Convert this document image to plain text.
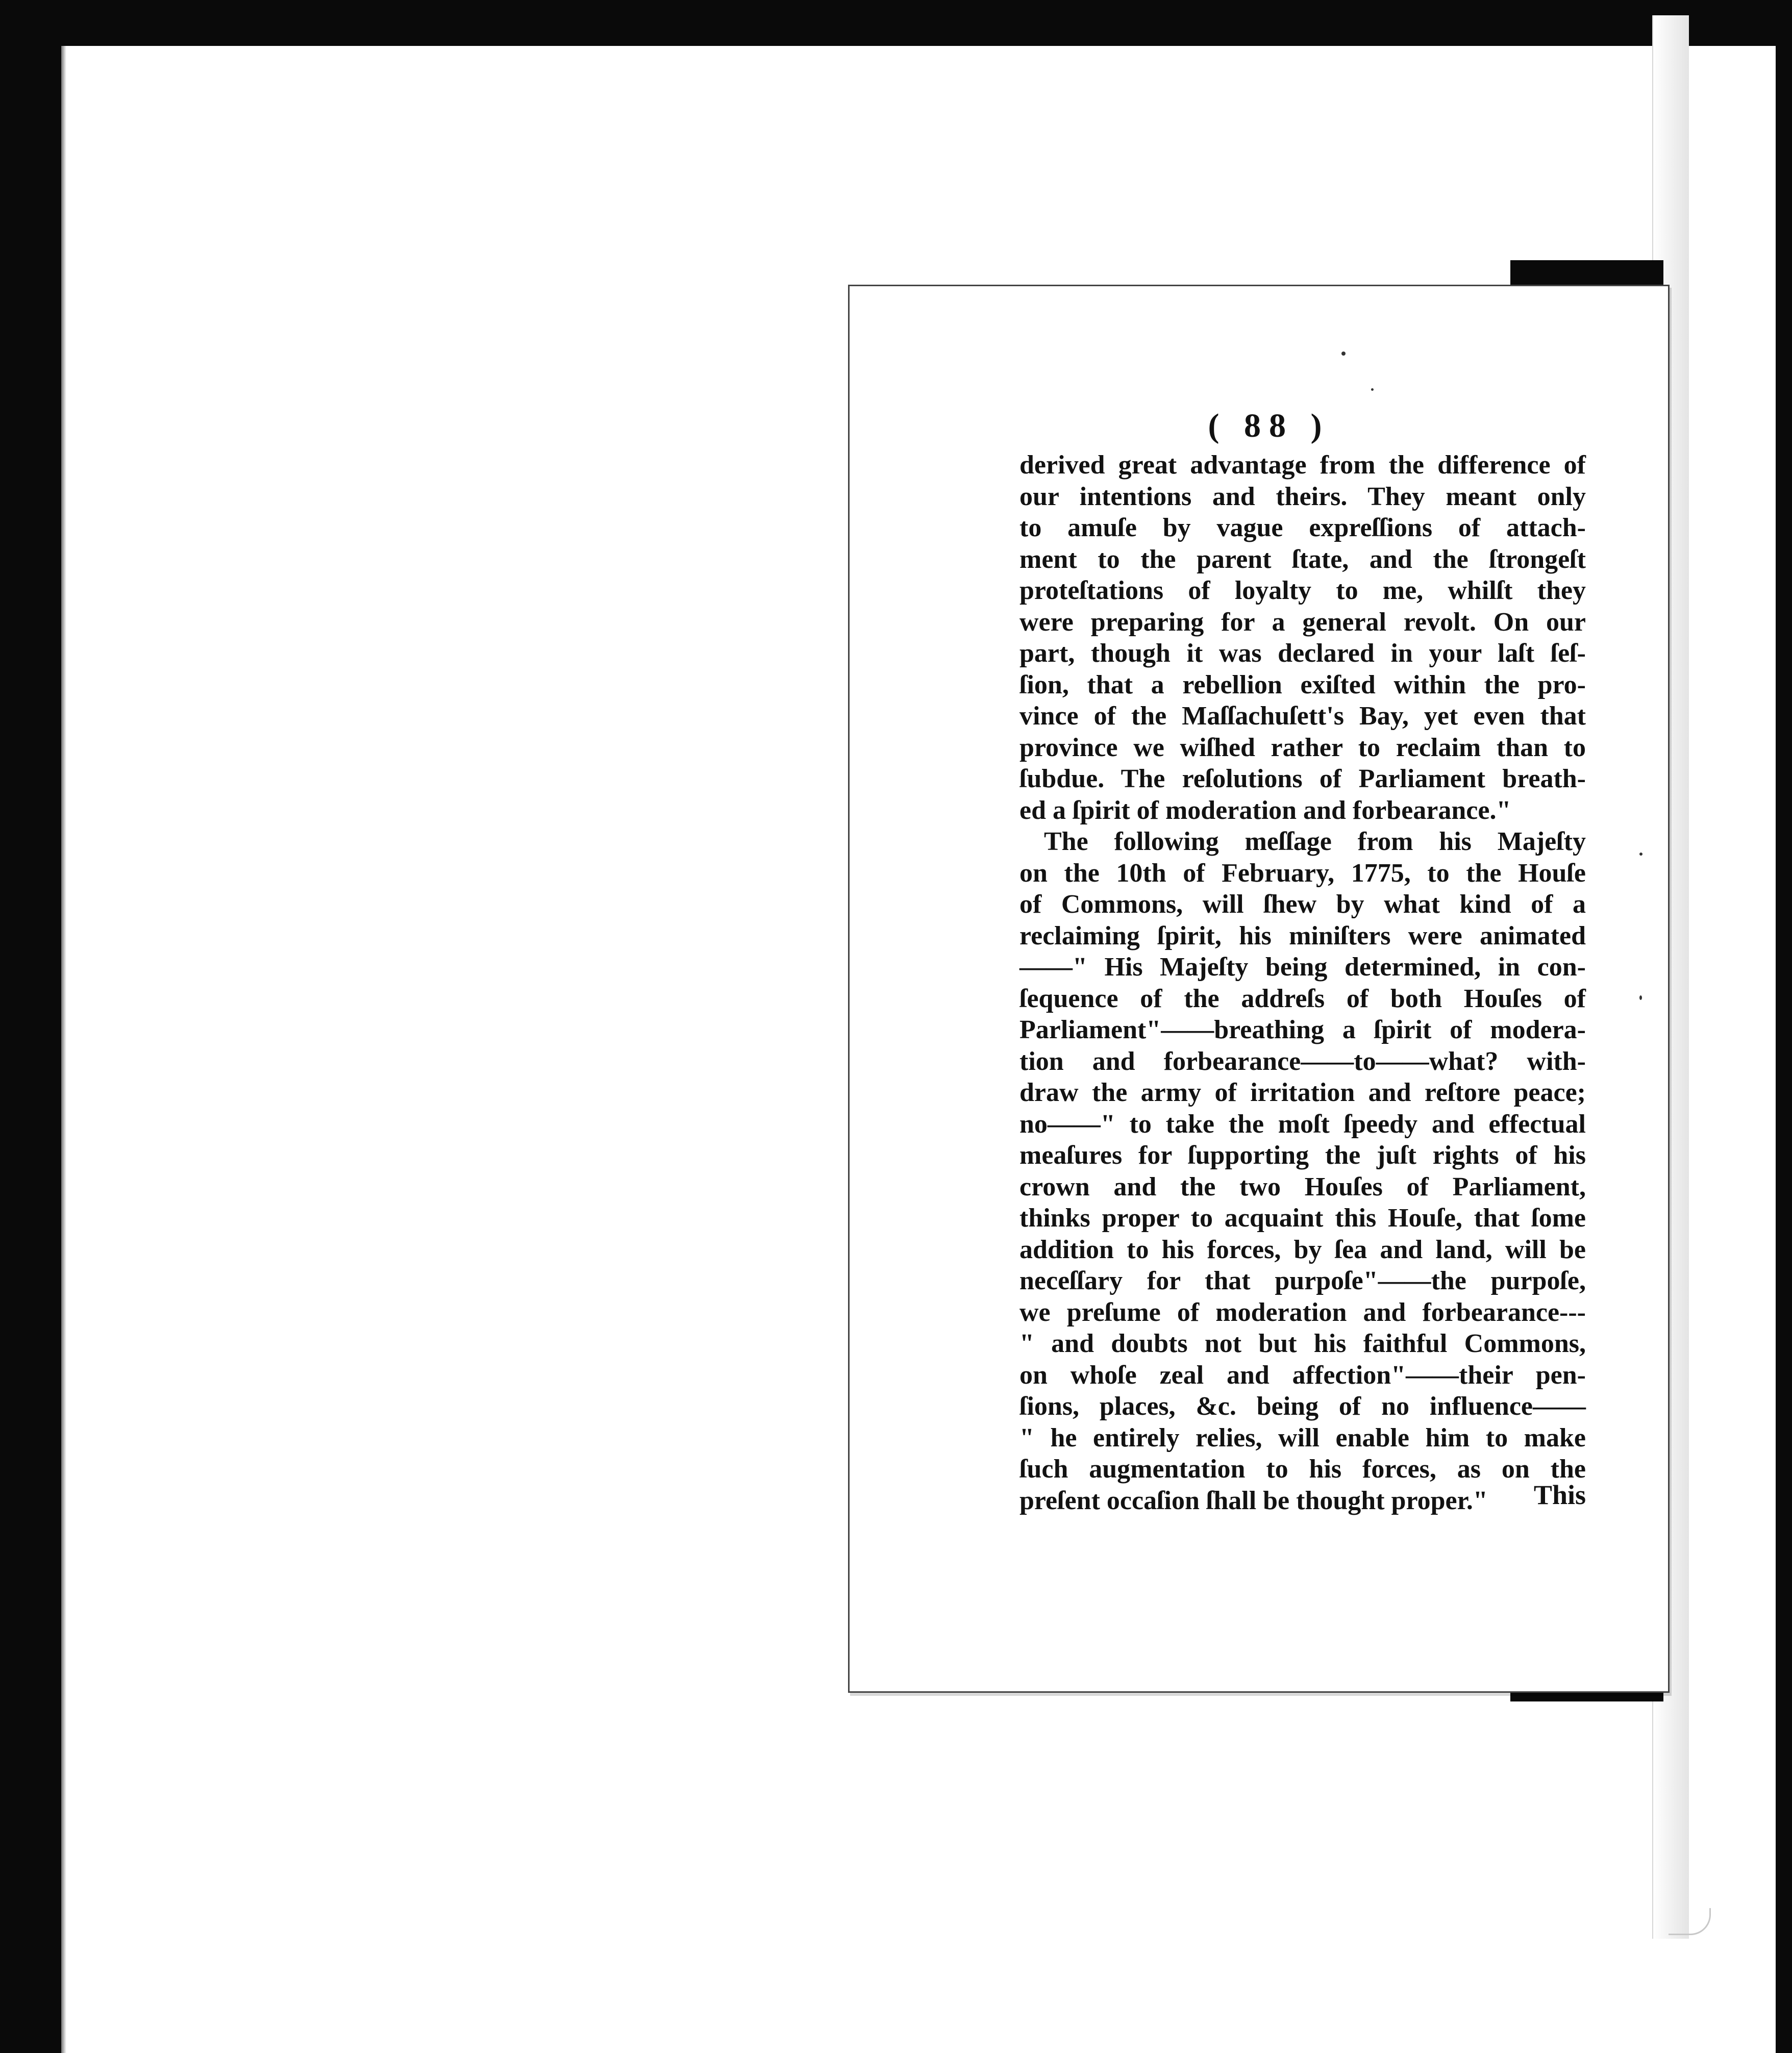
( 88 )
derived great advantage from the difference of
our intentions and theirs. They meant only
to amuſe by vague expreſſions of attach-
ment to the parent ſtate, and the ſtrongeſt
proteſtations of loyalty to me, whilſt they
were preparing for a general revolt. On our
part, though it was declared in your laſt ſeſ-
ſion, that a rebellion exiſted within the pro-
vince of the Maſſachuſett's Bay, yet even that
province we wiſhed rather to reclaim than to
ſubdue. The reſolutions of Parliament breath-
ed a ſpirit of moderation and forbearance."
The following meſſage from his Majeſty
on the 10th of February, 1775, to the Houſe
of Commons, will ſhew by what kind of a
reclaiming ſpirit, his miniſters were animated
——" His Majeſty being determined, in con-
ſequence of the addreſs of both Houſes of
Parliament"——breathing a ſpirit of modera-
tion and forbearance——to——what? with-
draw the army of irritation and reſtore peace;
no——" to take the moſt ſpeedy and effectual
meaſures for ſupporting the juſt rights of his
crown and the two Houſes of Parliament,
thinks proper to acquaint this Houſe, that ſome
addition to his forces, by ſea and land, will be
neceſſary for that purpoſe"——the purpoſe,
we preſume of moderation and forbearance---
" and doubts not but his faithful Commons,
on whoſe zeal and affection"——their pen-
ſions, places, &c. being of no influence——
" he entirely relies, will enable him to make
ſuch augmentation to his forces, as on the
preſent occaſion ſhall be thought proper."	This
